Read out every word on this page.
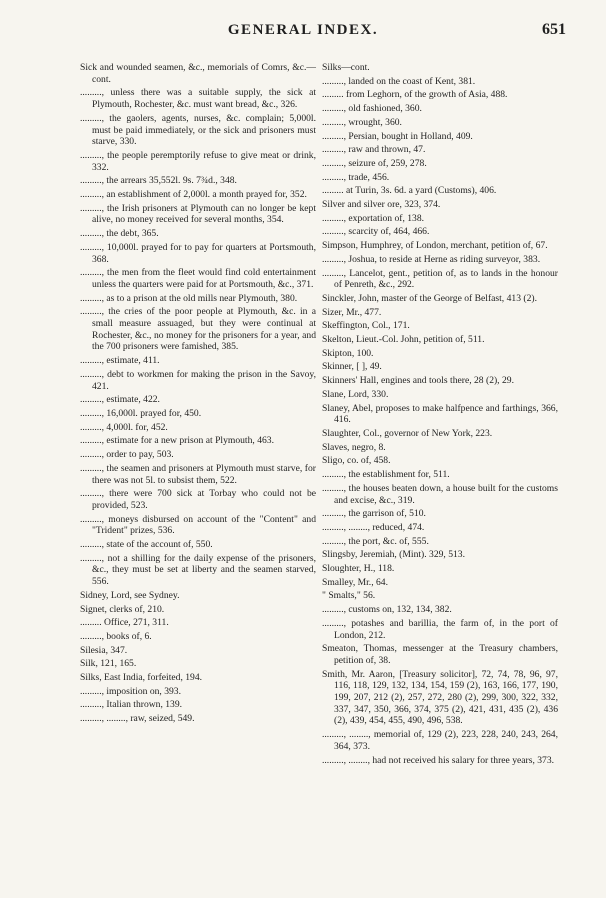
GENERAL INDEX.	651

Sick and wounded seamen, &c., memorials of Comrs, &c.—cont.

........., unless there was a suitable supply, the sick at Plymouth, Rochester, &c. must want bread, &c., 326.

........., the gaolers, agents, nurses, &c. complain; 5,000l. must be paid immediately, or the sick and prisoners must starve, 330.

........., the people peremptorily refuse to give meat or drink, 332.

........., the arrears 35,552l. 9s. 7¾d., 348.

........., an establishment of 2,000l. a month prayed for, 352.

........., the Irish prisoners at Plymouth can no longer be kept alive, no money received for several months, 354.

........., the debt, 365.

........., 10,000l. prayed for to pay for quarters at Portsmouth, 368.

........., the men from the fleet would find cold entertainment unless the quarters were paid for at Portsmouth, &c., 371.

........., as to a prison at the old mills near Plymouth, 380.

........., the cries of the poor people at Plymouth, &c. in a small measure assuaged, but they were continual at Rochester, &c., no money for the prisoners for a year, and the 700 prisoners were famished, 385.

........., estimate, 411.

........., debt to workmen for making the prison in the Savoy, 421.

........., estimate, 422.

........., 16,000l. prayed for, 450.

........., 4,000l. for, 452.

........., estimate for a new prison at Plymouth, 463.

........., order to pay, 503.

........., the seamen and prisoners at Plymouth must starve, for there was not 5l. to subsist them, 522.

........., there were 700 sick at Torbay who could not be provided, 523.

........., moneys disbursed on account of the "Content" and "Trident" prizes, 536.

........., state of the account of, 550.

........., not a shilling for the daily expense of the prisoners, &c., they must be set at liberty and the seamen starved, 556.

Sidney, Lord, see Sydney.

Signet, clerks of, 210.

......... Office, 271, 311.

........., books of, 6.

Silesia, 347.

Silk, 121, 165.

Silks, East India, forfeited, 194.

........., imposition on, 393.

........., Italian thrown, 139.

........., ........, raw, seized, 549.

Silks—cont.

........., landed on the coast of Kent, 381.

......... from Leghorn, of the growth of Asia, 488.

........., old fashioned, 360.

........., wrought, 360.

........., Persian, bought in Holland, 409.

........., raw and thrown, 47.

........., seizure of, 259, 278.

........., trade, 456.

......... at Turin, 3s. 6d. a yard (Customs), 406.

Silver and silver ore, 323, 374.

........., exportation of, 138.

........., scarcity of, 464, 466.

Simpson, Humphrey, of London, merchant, petition of, 67.

........., Joshua, to reside at Herne as riding surveyor, 383.

........., Lancelot, gent., petition of, as to lands in the honour of Penreth, &c., 292.

Sinckler, John, master of the George of Belfast, 413 (2).

Sizer, Mr., 477.

Skeffington, Col., 171.

Skelton, Lieut.-Col. John, petition of, 511.

Skipton, 100.

Skinner, [ ], 49.

Skinners' Hall, engines and tools there, 28 (2), 29.

Slane, Lord, 330.

Slaney, Abel, proposes to make halfpence and farthings, 366, 416.

Slaughter, Col., governor of New York, 223.

Slaves, negro, 8.

Sligo, co. of, 458.

........., the establishment for, 511.

........., the houses beaten down, a house built for the customs and excise, &c., 319.

........., the garrison of, 510.

........., ........, reduced, 474.

........., the port, &c. of, 555.

Slingsby, Jeremiah, (Mint). 329, 513.

Sloughter, H., 118.

Smalley, Mr., 64.

" Smalts," 56.

........., customs on, 132, 134, 382.

........., potashes and barillia, the farm of, in the port of London, 212.

Smeaton, Thomas, messenger at the Treasury chambers, petition of, 38.

Smith, Mr. Aaron, [Treasury solicitor], 72, 74, 78, 96, 97, 116, 118, 129, 132, 134, 154, 159 (2), 163, 166, 177, 190, 199, 207, 212 (2), 257, 272, 280 (2), 299, 300, 322, 332, 337, 347, 350, 366, 374, 375 (2), 421, 431, 435 (2), 436 (2), 439, 454, 455, 490, 496, 538.

........., ........, memorial of, 129 (2), 223, 228, 240, 243, 264, 364, 373.

........., ........, had not received his salary for three years, 373.
